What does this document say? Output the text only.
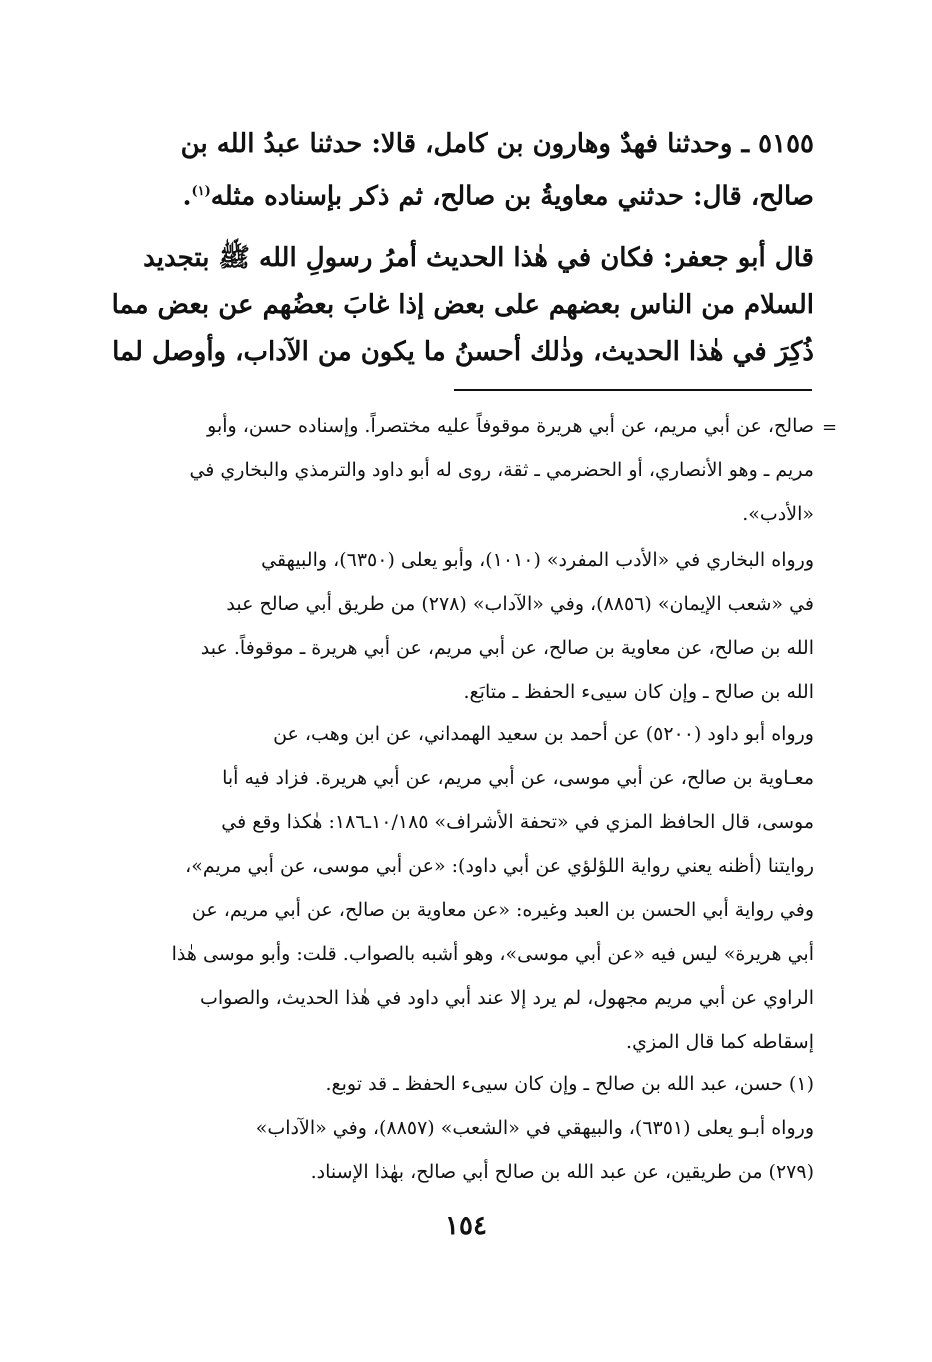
٥١٥٥ ـ وحدثنا فهدٌ وهارون بن كامل، قالا: حدثنا عبدُ الله بن
صالح، قال: حدثني معاويةُ بن صالح، ثم ذكر بإسناده مثله$^{(١)}$.
قال أبو جعفر: فكان في هٰذا الحديث أمرُ رسولِ الله ﷺ بتجديد
السلام من الناس بعضهم على بعض إذا غابَ بعضُهم عن بعض مما
ذُكِرَ في هٰذا الحديث، وذٰلك أحسنُ ما يكون من الآداب، وأوصل لما
=
صالح، عن أبي مريم، عن أبي هريرة موقوفاً عليه مختصراً. وإسناده حسن، وأبو
مريم ـ وهو الأنصاري، أو الحضرمي ـ ثقة، روى له أبو داود والترمذي والبخاري في
«الأدب».
ورواه البخاري في «الأدب المفرد» (١٠١٠)، وأبو يعلى (٦٣٥٠)، والبيهقي
في «شعب الإيمان» (٨٨٥٦)، وفي «الآداب» (٢٧٨) من طريق أبي صالح عبد
الله بن صالح، عن معاوية بن صالح، عن أبي مريم، عن أبي هريرة ـ موقوفاً. عبد
الله بن صالح ـ وإن كان سيىء الحفظ ـ متابَع.
ورواه أبو داود (٥٢٠٠) عن أحمد بن سعيد الهمداني، عن ابن وهب، عن
معـاوية بن صالح، عن أبي موسى، عن أبي مريم، عن أبي هريرة. فزاد فيه أبا
موسى، قال الحافظ المزي في «تحفة الأشراف» ١٠/١٨٥ـ١٨٦: هٰكذا وقع في
روايتنا (أظنه يعني رواية اللؤلؤي عن أبي داود): «عن أبي موسى، عن أبي مريم»،
وفي رواية أبي الحسن بن العبد وغيره: «عن معاوية بن صالح، عن أبي مريم، عن
أبي هريرة» ليس فيه «عن أبي موسى»، وهو أشبه بالصواب. قلت: وأبو موسى هٰذا
الراوي عن أبي مريم مجهول، لم يرد إلا عند أبي داود في هٰذا الحديث، والصواب
إسقاطه كما قال المزي.
(١) حسن، عبد الله بن صالح ـ وإن كان سيىء الحفظ ـ قد توبع.
ورواه أبـو يعلى (٦٣٥١)، والبيهقي في «الشعب» (٨٨٥٧)، وفي «الآداب»
(٢٧٩) من طريقين، عن عبد الله بن صالح أبي صالح، بهٰذا الإسناد.
١٥٤
